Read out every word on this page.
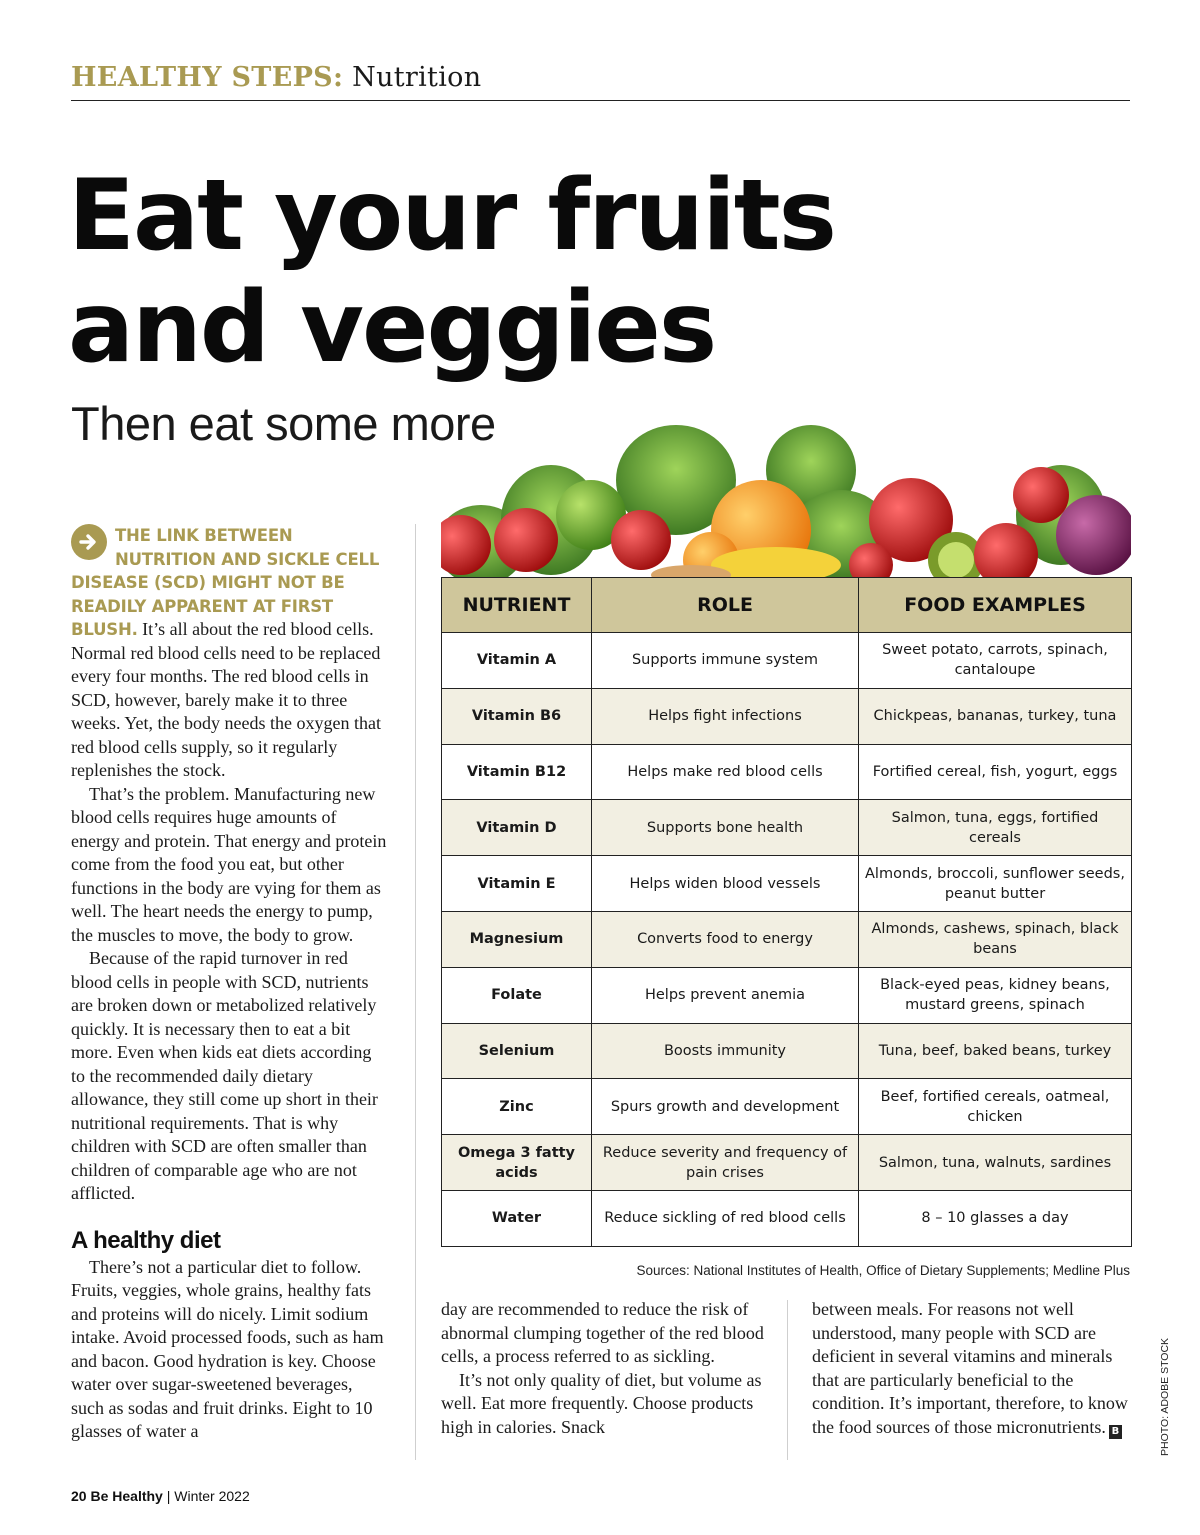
HEALTHY STEPS: Nutrition
Eat your fruits and veggies
Then eat some more

THE LINK BETWEEN NUTRITION AND SICKLE CELL DISEASE (SCD) MIGHT NOT BE READILY APPARENT AT FIRST BLUSH. It’s all about the red blood cells. Normal red blood cells need to be replaced every four months. The red blood cells in SCD, however, barely make it to three weeks. Yet, the body needs the oxygen that red blood cells supply, so it regularly replenishes the stock.

That’s the problem. Manufacturing new blood cells requires huge amounts of energy and protein. That energy and protein come from the food you eat, but other functions in the body are vying for them as well. The heart needs the energy to pump, the muscles to move, the body to grow.

Because of the rapid turnover in red blood cells in people with SCD, nutrients are broken down or metabolized relatively quickly. It is necessary then to eat a bit more. Even when kids eat diets according to the recommended daily dietary allowance, they still come up short in their nutritional requirements. That is why children with SCD are often smaller than children of comparable age who are not afflicted.

A healthy diet

There’s not a particular diet to follow. Fruits, veggies, whole grains, healthy fats and proteins will do nicely. Limit sodium intake. Avoid processed foods, such as ham and bacon. Good hydration is key. Choose water over sugar-sweetened beverages, such as sodas and fruit drinks. Eight to 10 glasses of water a

NUTRIENT	ROLE	FOOD EXAMPLES
Vitamin A	Supports immune system	Sweet potato, carrots, spinach, cantaloupe
Vitamin B6	Helps fight infections	Chickpeas, bananas, turkey, tuna
Vitamin B12	Helps make red blood cells	Fortified cereal, fish, yogurt, eggs
Vitamin D	Supports bone health	Salmon, tuna, eggs, fortified cereals
Vitamin E	Helps widen blood vessels	Almonds, broccoli, sunflower seeds, peanut butter
Magnesium	Converts food to energy	Almonds, cashews, spinach, black beans
Folate	Helps prevent anemia	Black-eyed peas, kidney beans, mustard greens, spinach
Selenium	Boosts immunity	Tuna, beef, baked beans, turkey
Zinc	Spurs growth and development	Beef, fortified cereals, oatmeal, chicken
Omega 3 fatty acids	Reduce severity and frequency of pain crises	Salmon, tuna, walnuts, sardines
Water	Reduce sickling of red blood cells	8 – 10 glasses a day
Sources: National Institutes of Health, Office of Dietary Supplements; Medline Plus

day are recommended to reduce the risk of abnormal clumping together of the red blood cells, a process referred to as sickling.

It’s not only quality of diet, but volume as well. Eat more frequently. Choose products high in calories. Snack

between meals. For reasons not well understood, many people with SCD are deficient in several vitamins and minerals that are particularly beneficial to the condition. It’s important, therefore, to know the food sources of those micronutrients. B	PHOTO: ADOBE STOCK
20 Be Healthy | Winter 2022
